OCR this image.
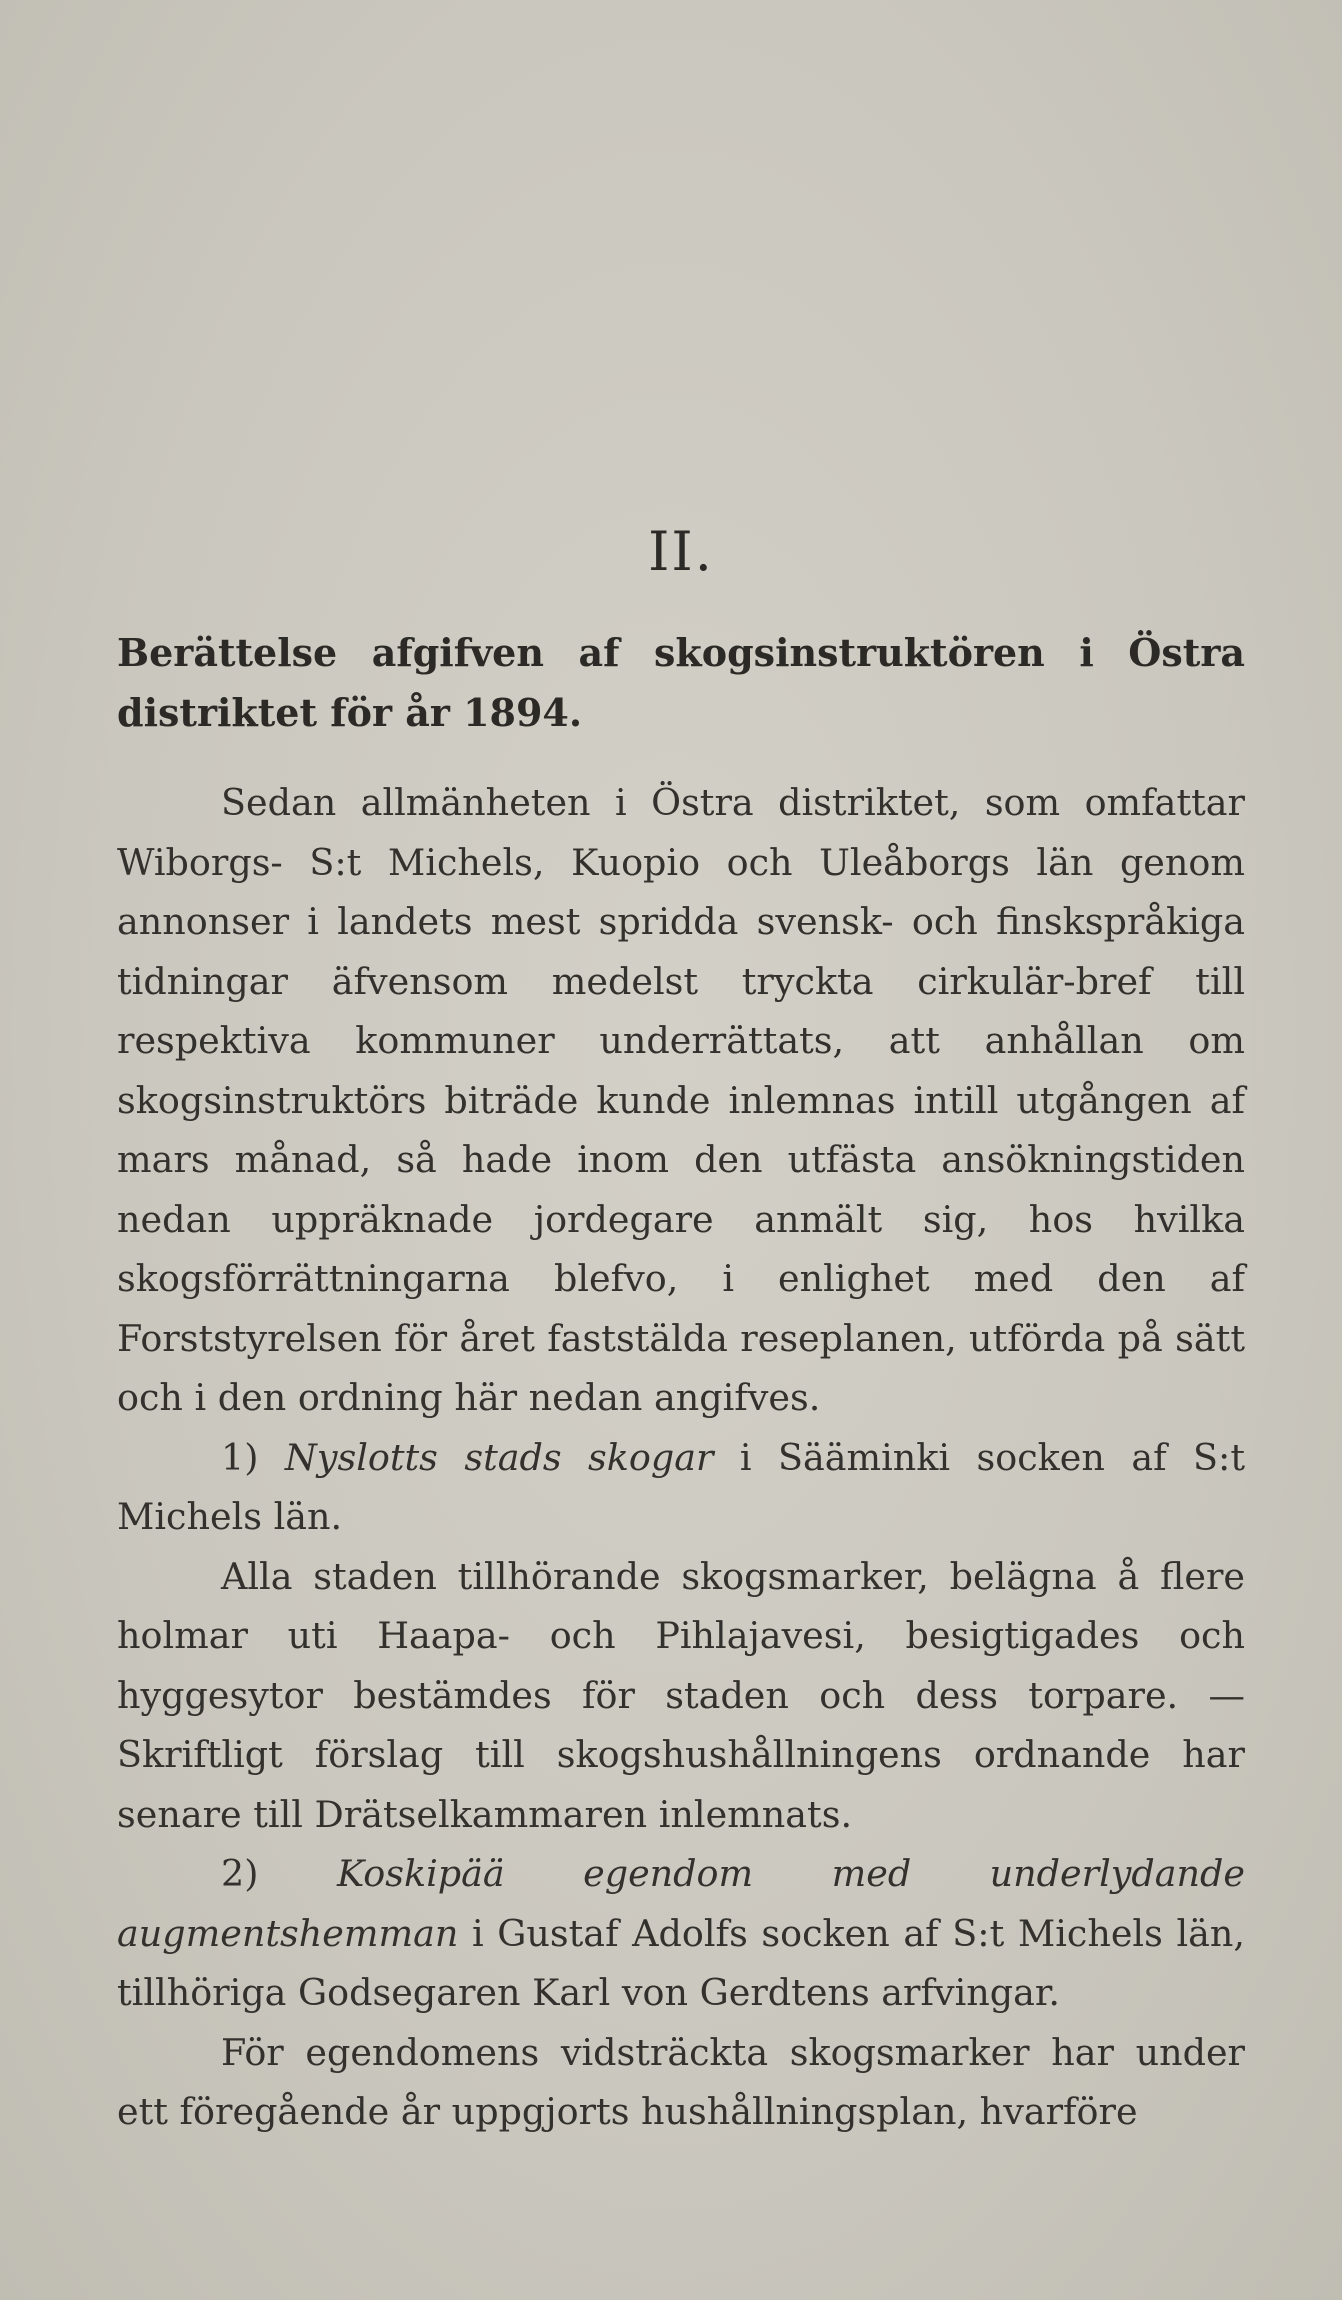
II.

Berättelse afgifven af skogsinstruktören i Östra distriktet för år 1894.

Sedan allmänheten i Östra distriktet, som omfattar Wiborgs- S:t Michels, Kuopio och Uleåborgs län genom annonser i landets mest spridda svensk- och finskspråkiga tidningar äfvensom medelst tryckta cirkulär-bref till respektiva kommuner underrättats, att anhållan om skogsinstruktörs biträde kunde inlemnas intill utgången af mars månad, så hade inom den utfästa ansökningstiden nedan uppräknade jordegare anmält sig, hos hvilka skogsförrättningarna blefvo, i enlighet med den af Forststyrelsen för året faststälda reseplanen, utförda på sätt och i den ordning här nedan angifves.

1) Nyslotts stads skogar i Sääminki socken af S:t Michels län.

Alla staden tillhörande skogsmarker, belägna å flere holmar uti Haapa- och Pihlajavesi, besigtigades och hyggesytor bestämdes för staden och dess torpare. — Skriftligt förslag till skogshushållningens ordnande har senare till Drätselkammaren inlemnats.

2) Koskipää egendom med underlydande augmentshemman i Gustaf Adolfs socken af S:t Michels län, tillhöriga Godsegaren Karl von Gerdtens arfvingar.

För egendomens vidsträckta skogsmarker har under ett föregående år uppgjorts hushållningsplan, hvarföre
